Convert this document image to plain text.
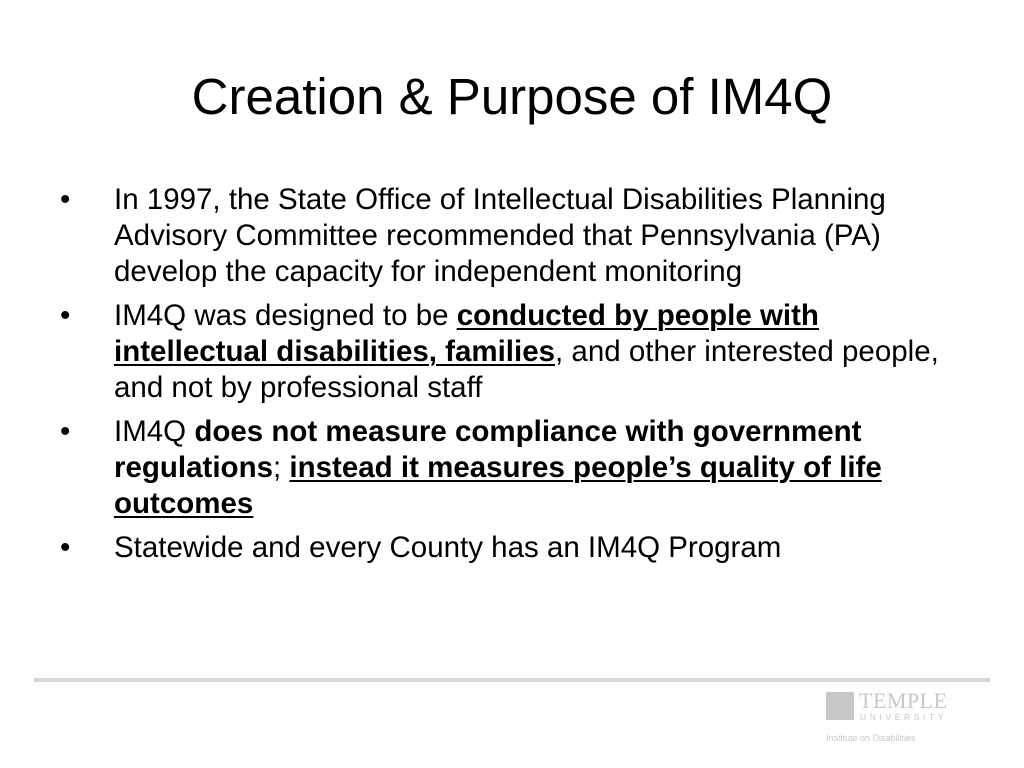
Creation & Purpose of IM4Q
•	In 1997, the State Office of Intellectual Disabilities Planning Advisory Committee recommended that Pennsylvania (PA) develop the capacity for independent monitoring
•	IM4Q was designed to be conducted by people with intellectual disabilities, families, and other interested people, and not by professional staff
•	IM4Q does not measure compliance with government regulations; instead it measures people’s quality of life outcomes
•	Statewide and every County has an IM4Q Program
TEMPLE
UNIVERSITY
Institute on Disabilities
